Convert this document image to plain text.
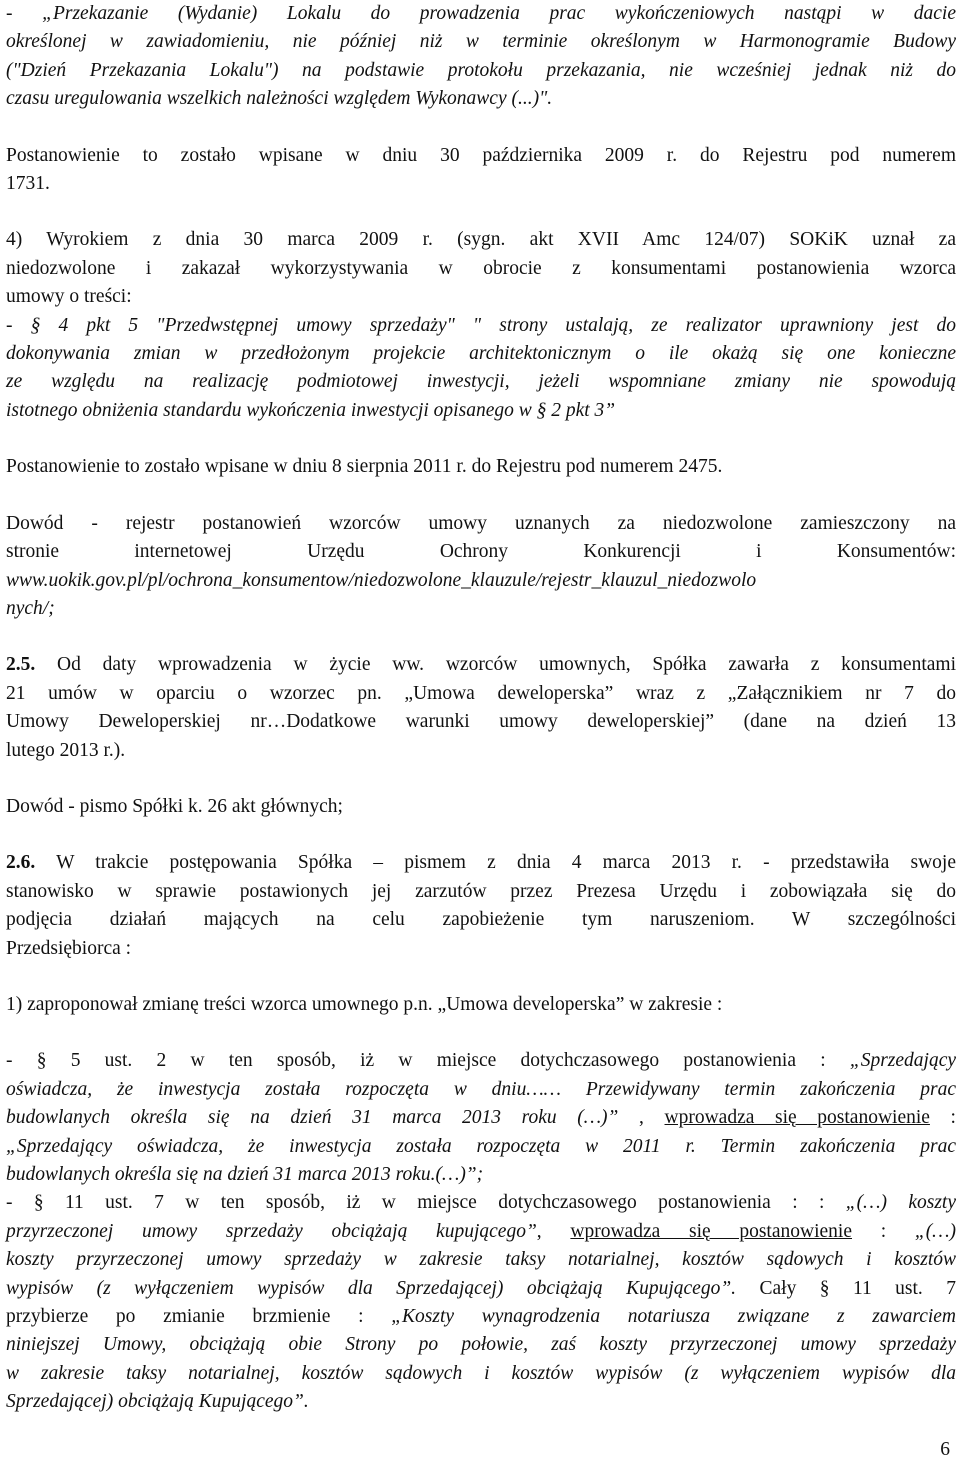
- „Przekazanie (Wydanie) Lokalu do prowadzenia prac wykończeniowych nastąpi w dacie
określonej w zawiadomieniu, nie później niż w terminie określonym w Harmonogramie Budowy
("Dzień Przekazania Lokalu") na podstawie protokołu przekazania, nie wcześniej jednak niż do
czasu uregulowania wszelkich należności względem Wykonawcy (...)".
Postanowienie to zostało wpisane w dniu 30 października 2009 r. do Rejestru pod numerem
1731.
4) Wyrokiem z dnia 30 marca 2009 r. (sygn. akt XVII Amc 124/07) SOKiK uznał za
niedozwolone i zakazał wykorzystywania w obrocie z konsumentami postanowienia wzorca
umowy o treści:
- § 4 pkt 5 "Przedwstępnej umowy sprzedaży" " strony ustalają, ze realizator uprawniony jest do
dokonywania zmian w przedłożonym projekcie architektonicznym o ile okażą się one konieczne
ze względu na realizację podmiotowej inwestycji, jeżeli wspomniane zmiany nie spowodują
istotnego obniżenia standardu wykończenia inwestycji opisanego w § 2 pkt 3”
Postanowienie to zostało wpisane w dniu 8 sierpnia 2011 r. do Rejestru pod numerem 2475.
Dowód - rejestr postanowień wzorców umowy uznanych za niedozwolone zamieszczony na
stronie internetowej Urzędu Ochrony Konkurencji i Konsumentów:
www.uokik.gov.pl/pl/ochrona_konsumentow/niedozwolone_klauzule/rejestr_klauzul_niedozwolo
nych/;
2.5. Od daty wprowadzenia w życie ww. wzorców umownych, Spółka zawarła z konsumentami
21 umów w oparciu o wzorzec pn. „Umowa deweloperska” wraz z „Załącznikiem nr 7 do
Umowy Deweloperskiej nr…Dodatkowe warunki umowy deweloperskiej” (dane na dzień 13
lutego 2013 r.).
Dowód - pismo Spółki k. 26 akt głównych;
2.6. W trakcie postępowania Spółka – pismem z dnia 4 marca 2013 r. - przedstawiła swoje
stanowisko w sprawie postawionych jej zarzutów przez Prezesa Urzędu i zobowiązała się do
podjęcia działań mających na celu zapobieżenie tym naruszeniom. W szczególności
Przedsiębiorca :
1) zaproponował zmianę treści wzorca umownego p.n. „Umowa developerska” w zakresie :
- § 5 ust. 2 w ten sposób, iż w miejsce dotychczasowego postanowienia : „Sprzedający
oświadcza, że inwestycja została rozpoczęta w dniu…… Przewidywany termin zakończenia prac
budowlanych określa się na dzień 31 marca 2013 roku (…)” , wprowadza się postanowienie :
„Sprzedający oświadcza, że inwestycja została rozpoczęta w 2011 r. Termin zakończenia prac
budowlanych określa się na dzień 31 marca 2013 roku.(…)”;
- § 11 ust. 7 w ten sposób, iż w miejsce dotychczasowego postanowienia : : „(…) koszty
przyrzeczonej umowy sprzedaży obciążają kupującego”, wprowadza się postanowienie : „(…)
koszty przyrzeczonej umowy sprzedaży w zakresie taksy notarialnej, kosztów sądowych i kosztów
wypisów (z wyłączeniem wypisów dla Sprzedającej) obciążają Kupującego”. Cały § 11 ust. 7
przybierze po zmianie brzmienie : „Koszty wynagrodzenia notariusza związane z zawarciem
niniejszej Umowy, obciążają obie Strony po połowie, zaś koszty przyrzeczonej umowy sprzedaży
w zakresie taksy notarialnej, kosztów sądowych i kosztów wypisów (z wyłączeniem wypisów dla
Sprzedającej) obciążają Kupującego”.
6
